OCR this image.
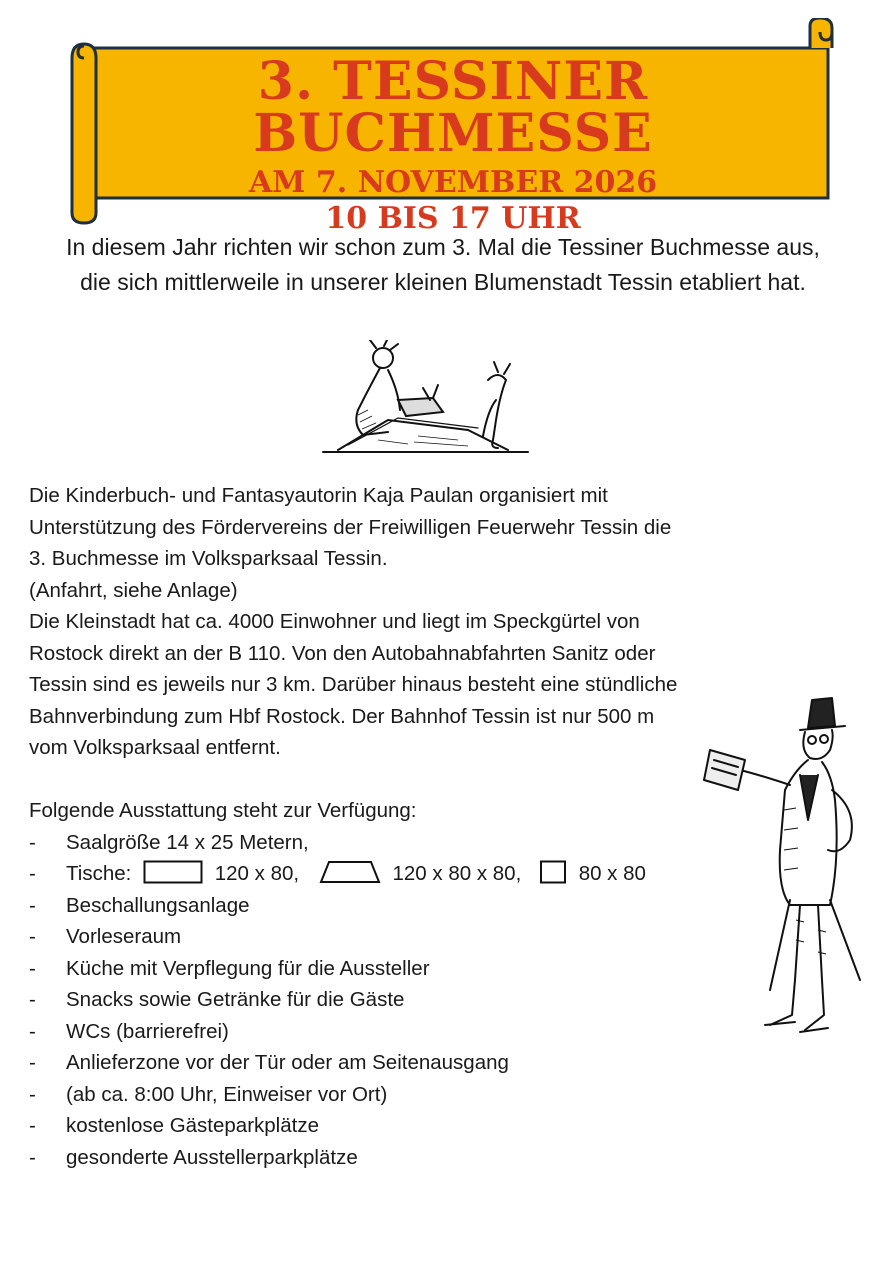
3. TESSINER BUCHMESSE
AM 7. NOVEMBER 2026
10 BIS 17 UHR

In diesem Jahr richten wir schon zum 3. Mal die Tessiner Buchmesse aus, die sich mittlerweile in unserer kleinen Blumenstadt Tessin etabliert hat.

Die Kinderbuch- und Fantasyautorin Kaja Paulan organisiert mit

Unterstützung des Fördervereins der Freiwilligen Feuerwehr Tessin die

3. Buchmesse im Volksparksaal Tessin.

(Anfahrt, siehe Anlage)

Die Kleinstadt hat ca. 4000 Einwohner und liegt im Speckgürtel von

Rostock direkt an der B 110. Von den Autobahnabfahrten Sanitz oder

Tessin sind es jeweils nur 3 km. Darüber hinaus besteht eine stündliche

Bahnverbindung zum Hbf Rostock. Der Bahnhof Tessin ist nur 500 m

vom Volksparksaal entfernt.

Folgende Ausstattung steht zur Verfügung:

- Saalgröße 14 x 25 Metern,
- Tische:	120 x 80,	120 x 80 x 80,	80 x 80
- Beschallungsanlage
- Vorleseraum
- Küche mit Verpflegung für die Aussteller
- Snacks sowie Getränke für die Gäste
- WCs (barrierefrei)
- Anlieferzone vor der Tür oder am Seitenausgang
- (ab ca. 8:00 Uhr, Einweiser vor Ort)
- kostenlose Gästeparkplätze
- gesonderte Ausstellerparkplätze
